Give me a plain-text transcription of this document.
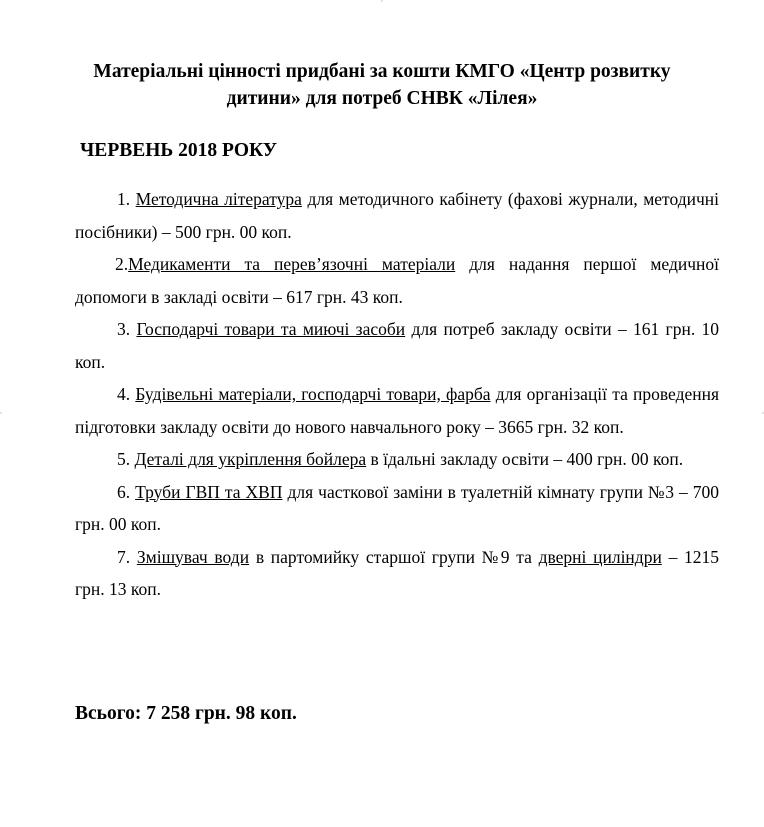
Матеріальні цінності придбані за кошти КМГО «Центр розвитку дитини» для потреб СНВК «Лілея»
ЧЕРВЕНЬ 2018 РОКУ

1. Методична література для методичного кабінету (фахові журнали, методичні посібники) – 500 грн. 00 коп.

2.Медикаменти та перев’язочні матеріали для надання першої медичної допомоги в закладі освіти – 617 грн. 43 коп.

3. Господарчі товари та миючі засоби для потреб закладу освіти – 161 грн. 10 коп.

4. Будівельні матеріали, господарчі товари, фарба для організації та проведення підготовки закладу освіти до нового навчального року – 3665 грн. 32 коп.

5. Деталі для укріплення бойлера в їдальні закладу освіти – 400 грн. 00 коп.

6. Труби ГВП та ХВП для часткової заміни в туалетній кімнату групи №3 – 700 грн. 00 коп.

7. Змішувач води в партомийку старшої групи №9 та дверні циліндри – 1215 грн. 13 коп.

Всього: 7 258 грн. 98 коп.
